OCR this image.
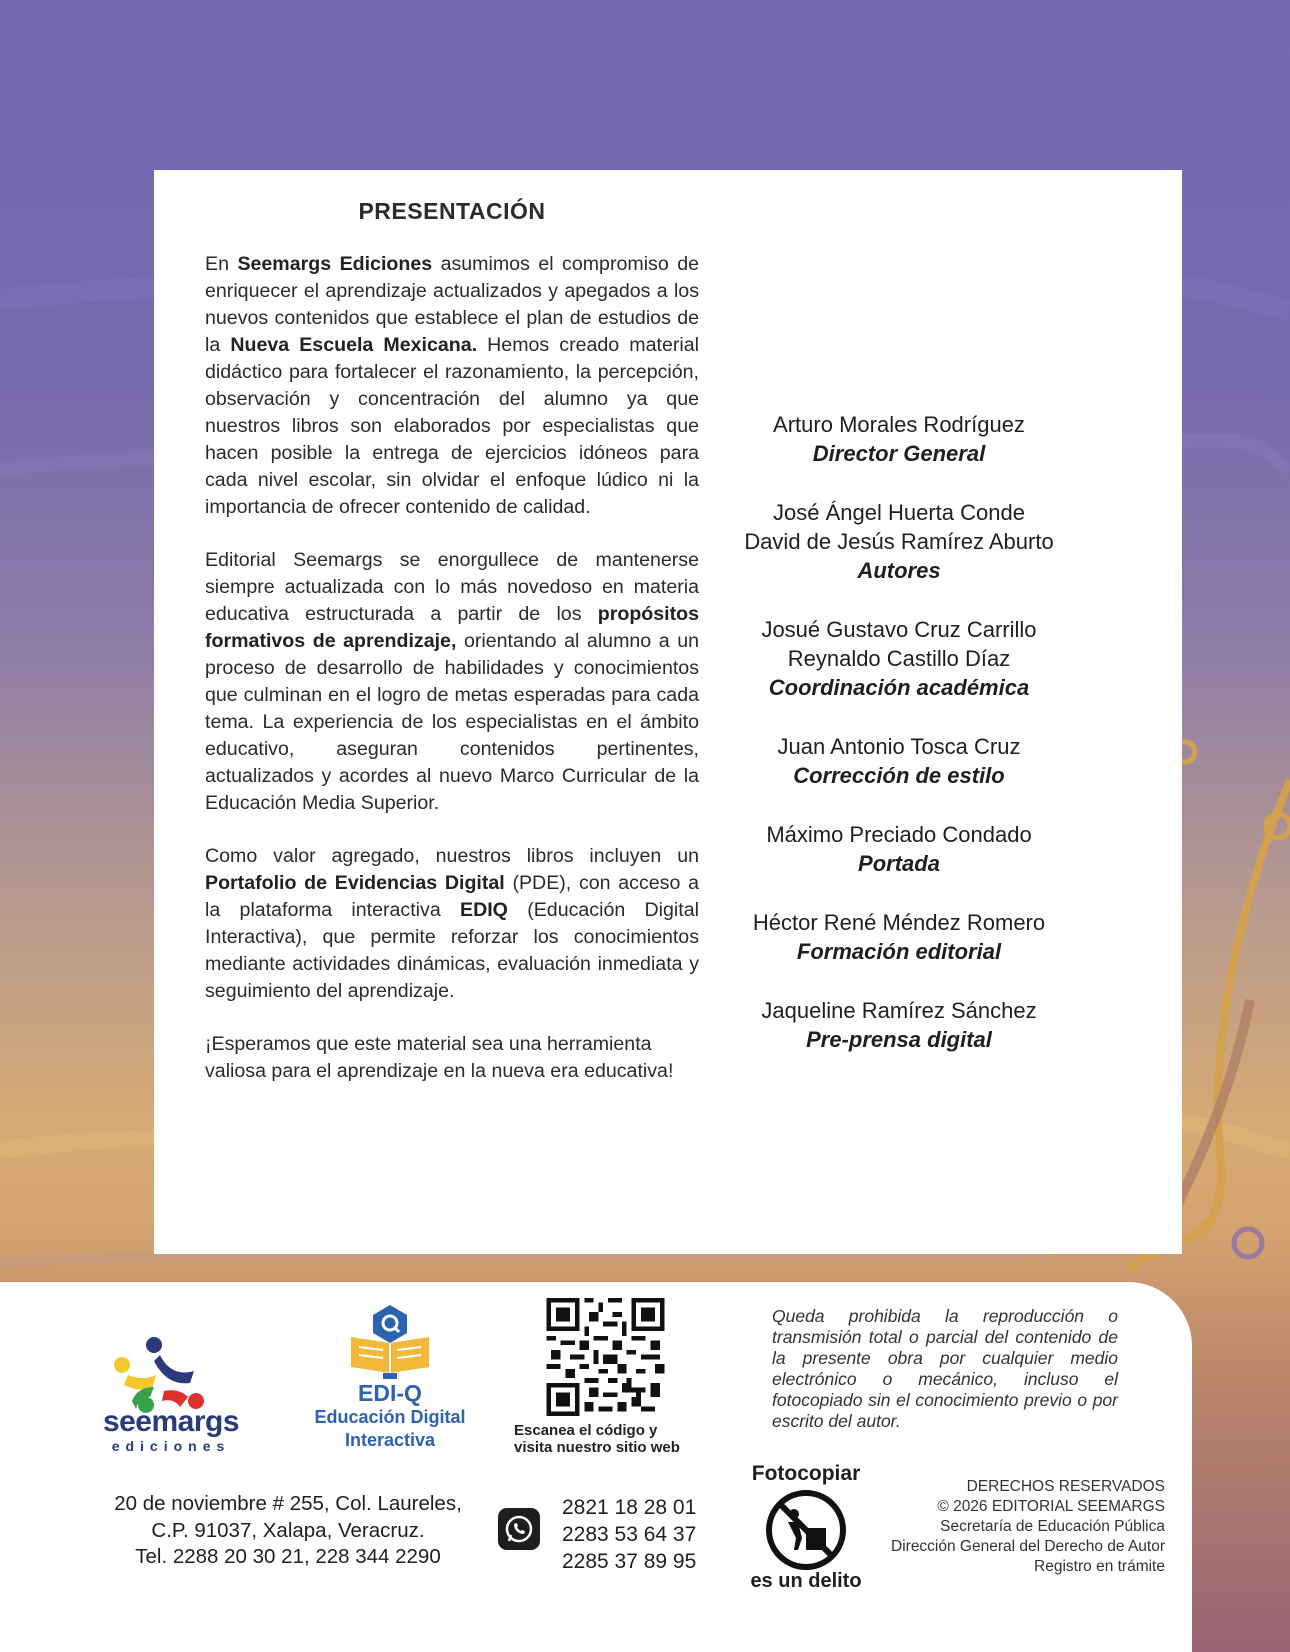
PRESENTACIÓN

En Seemargs Ediciones asumimos el compromiso de enriquecer el aprendizaje actualizados y apegados a los nuevos contenidos que establece el plan de estudios de la Nueva Escuela Mexicana. Hemos creado material didáctico para fortalecer el razonamiento, la percepción, observación y concentración del alumno ya que nuestros libros son elaborados por especialistas que hacen posible la entrega de ejercicios idóneos para cada nivel escolar, sin olvidar el enfoque lúdico ni la importancia de ofrecer contenido de calidad.

Editorial Seemargs se enorgullece de mantenerse siempre actualizada con lo más novedoso en materia educativa estructurada a partir de los propósitos formativos de aprendizaje, orientando al alumno a un proceso de desarrollo de habilidades y conocimientos que culminan en el logro de metas esperadas para cada tema. La experiencia de los especialistas en el ámbito educativo, aseguran contenidos pertinentes, actualizados y acordes al nuevo Marco Curricular de la Educación Media Superior.

Como valor agregado, nuestros libros incluyen un Portafolio de Evidencias Digital (PDE), con acceso a la plataforma interactiva EDIQ (Educación Digital Interactiva), que permite reforzar los conocimientos mediante actividades dinámicas, evaluación inmediata y seguimiento del aprendizaje.

¡Esperamos que este material sea una herramienta valiosa para el aprendizaje en la nueva era educativa!

Arturo Morales Rodríguez
Director General
José Ángel Huerta Conde
David de Jesús Ramírez Aburto
Autores
Josué Gustavo Cruz Carrillo
Reynaldo Castillo Díaz
Coordinación académica
Juan Antonio Tosca Cruz
Corrección de estilo
Máximo Preciado Condado
Portada
Héctor René Méndez Romero
Formación editorial
Jaqueline Ramírez Sánchez
Pre-prensa digital
seemargs
ediciones
EDI-Q
Educación Digital
Interactiva	Escanea el código y
visita nuestro sitio web

Queda prohibida la reproducción o transmisión total o parcial del contenido de la presente obra por cualquier medio electrónico o mecánico, incluso el fotocopiado sin el conocimiento previo o por escrito del autor.

20 de noviembre # 255, Col. Laureles,
C.P. 91037, Xalapa, Veracruz.
Tel. 2288 20 30 21, 228 344 2290
2821 18 28 01
2283 53 64 37
2285 37 89 95
Fotocopiar
es un delito
DERECHOS RESERVADOS
© 2026 EDITORIAL SEEMARGS
Secretaría de Educación Pública
Dirección General del Derecho de Autor
Registro en trámite
